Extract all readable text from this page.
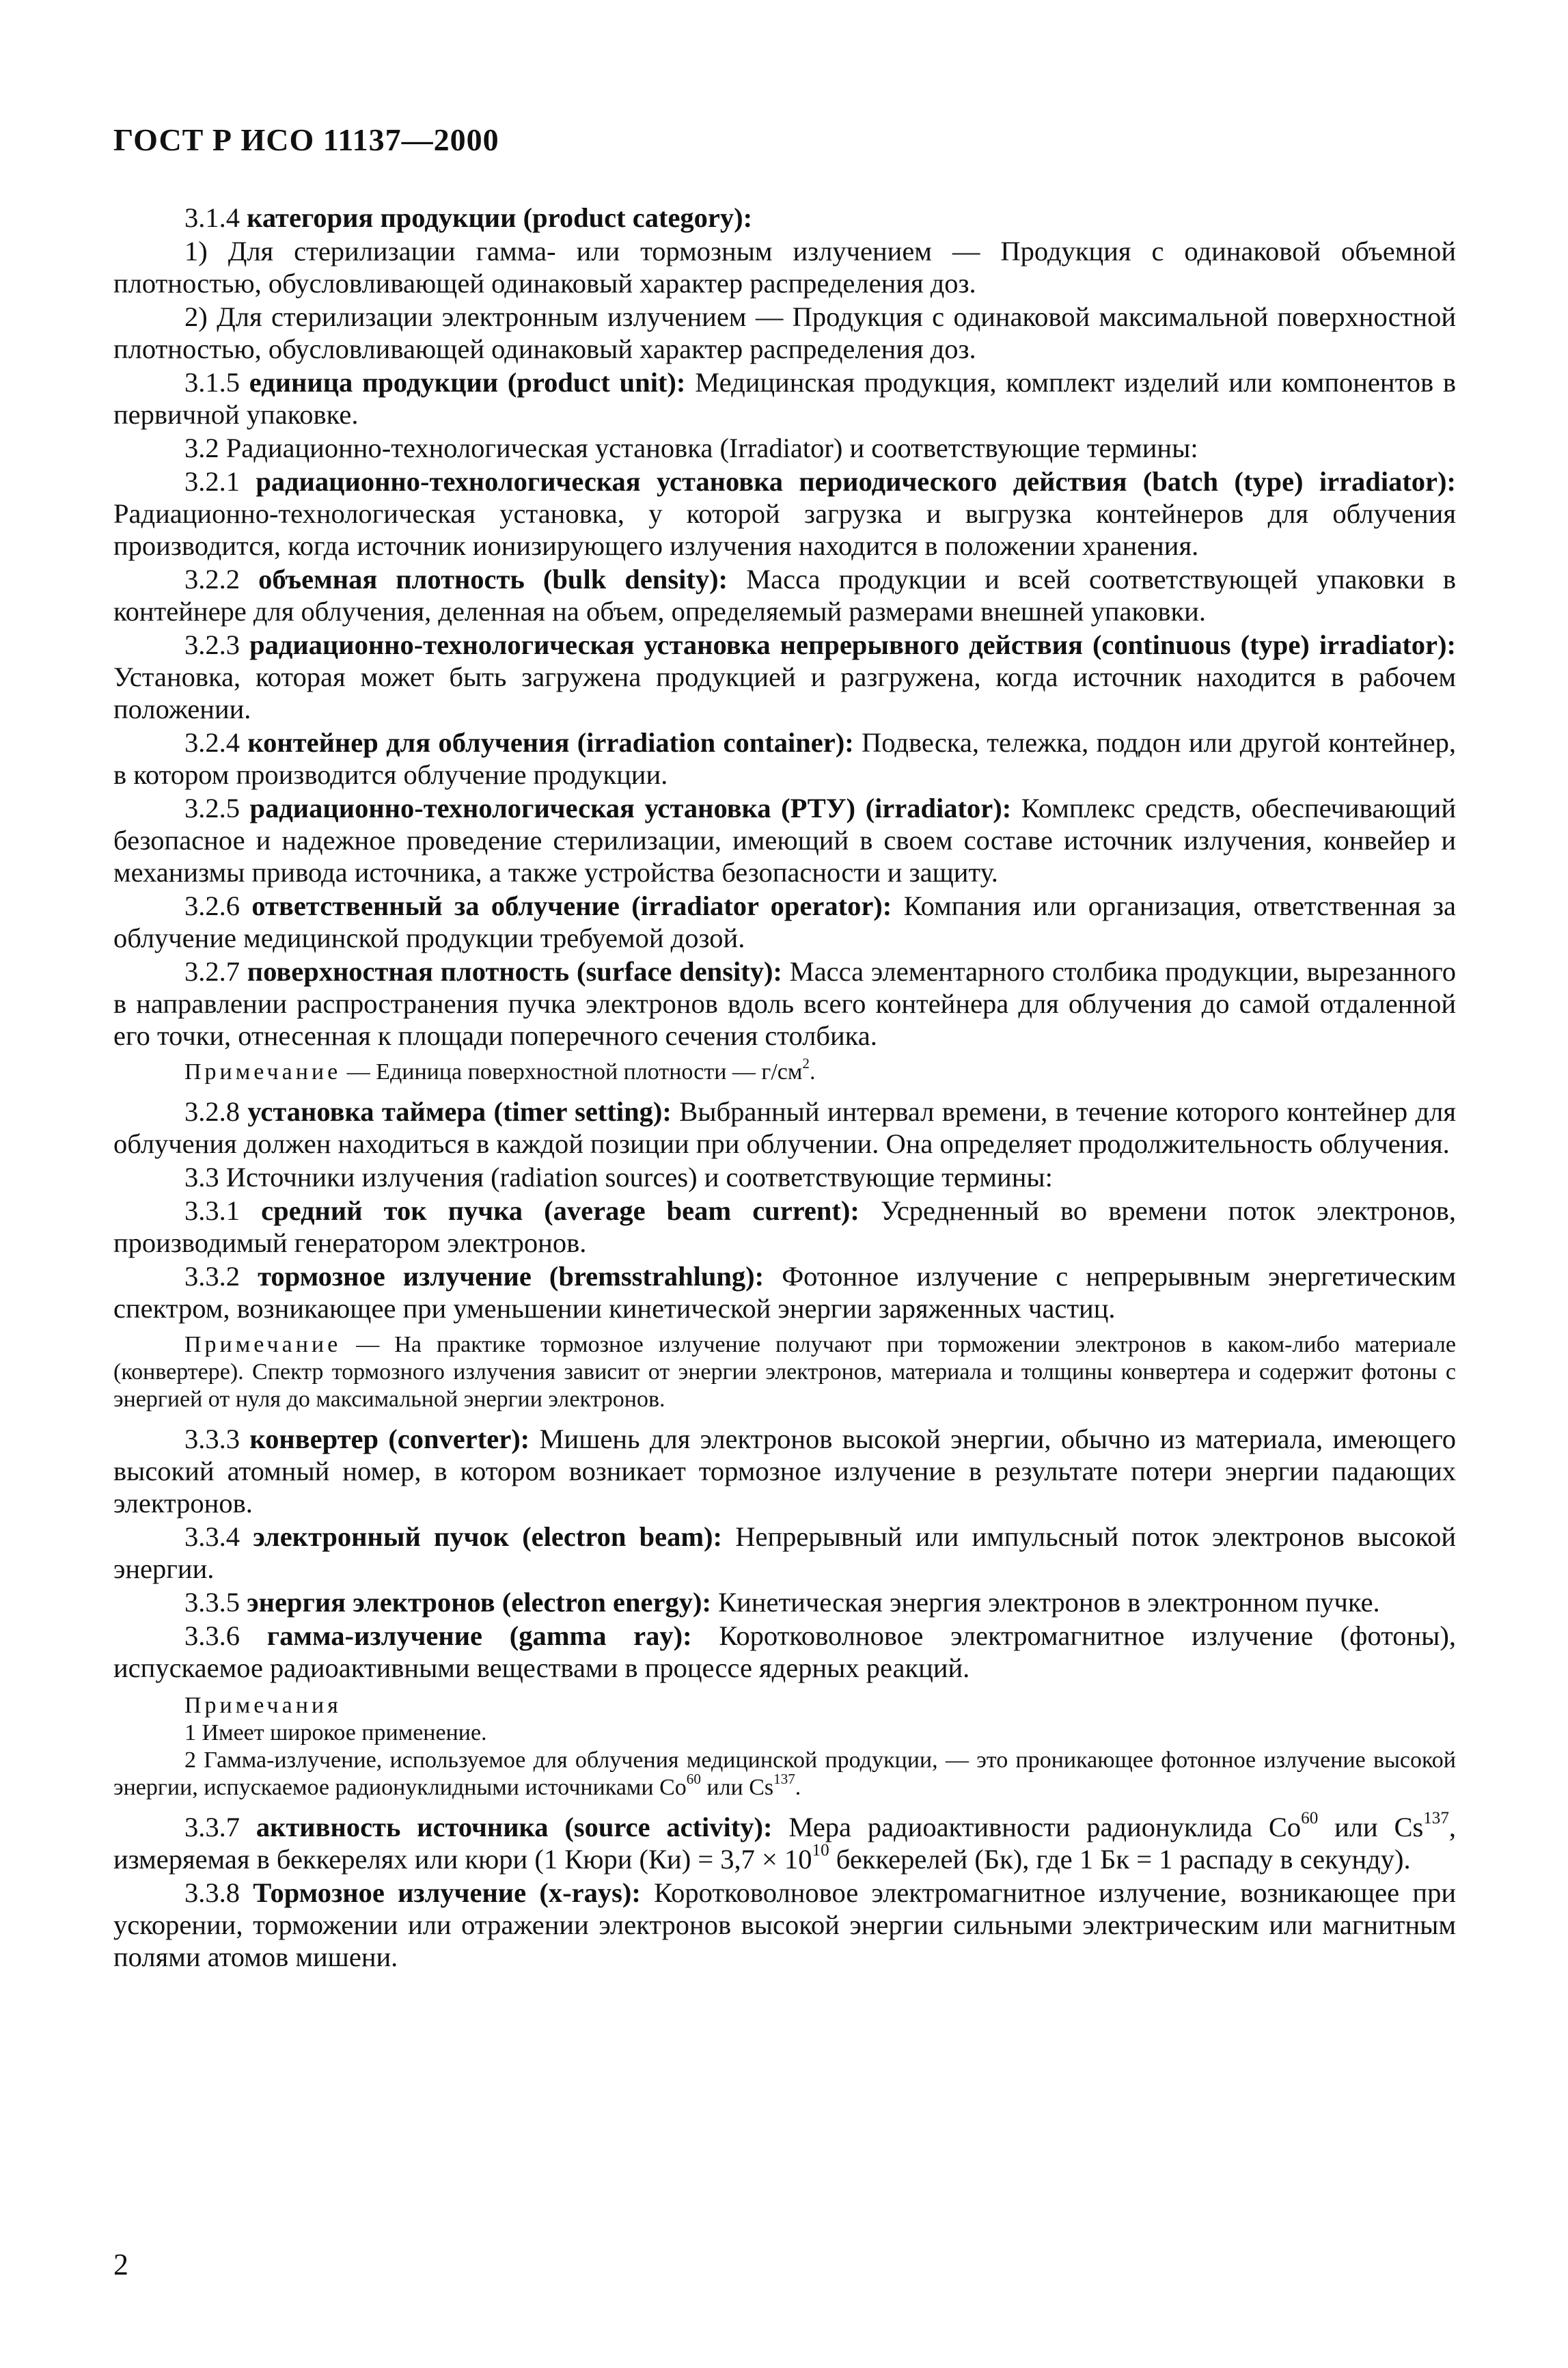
ГОСТ Р ИСО 11137—2000

3.1.4 категория продукции (product category):

1) Для стерилизации гамма- или тормозным излучением — Продукция с одинаковой объемной плотностью, обусловливающей одинаковый характер распределения доз.

2) Для стерилизации электронным излучением — Продукция с одинаковой максимальной поверхностной плотностью, обусловливающей одинаковый характер распределения доз.

3.1.5 единица продукции (product unit): Медицинская продукция, комплект изделий или компонентов в первичной упаковке.

3.2 Радиационно-технологическая установка (Irradiator) и соответствующие термины:

3.2.1 радиационно-технологическая установка периодического действия (batch (type) irradiator): Радиационно-технологическая установка, у которой загрузка и выгрузка контейнеров для облучения производится, когда источник ионизирующего излучения находится в положении хранения.

3.2.2 объемная плотность (bulk density): Масса продукции и всей соответствующей упаковки в контейнере для облучения, деленная на объем, определяемый размерами внешней упаковки.

3.2.3 радиационно-технологическая установка непрерывного действия (continuous (type) irradiator): Установка, которая может быть загружена продукцией и разгружена, когда источник находится в рабочем положении.

3.2.4 контейнер для облучения (irradiation container): Подвеска, тележка, поддон или другой контейнер, в котором производится облучение продукции.

3.2.5 радиационно-технологическая установка (РТУ) (irradiator): Комплекс средств, обеспечивающий безопасное и надежное проведение стерилизации, имеющий в своем составе источник излучения, конвейер и механизмы привода источника, а также устройства безопасности и защиту.

3.2.6 ответственный за облучение (irradiator operator): Компания или организация, ответственная за облучение медицинской продукции требуемой дозой.

3.2.7 поверхностная плотность (surface density): Масса элементарного столбика продукции, вырезанного в направлении распространения пучка электронов вдоль всего контейнера для облучения до самой отдаленной его точки, отнесенная к площади поперечного сечения столбика.

Примечание — Единица поверхностной плотности — $г/см^2$.

3.2.8 установка таймера (timer setting): Выбранный интервал времени, в течение которого контейнер для облучения должен находиться в каждой позиции при облучении. Она определяет продолжительность облучения.

3.3 Источники излучения (radiation sources) и соответствующие термины:

3.3.1 средний ток пучка (average beam current): Усредненный во времени поток электронов, производимый генератором электронов.

3.3.2 тормозное излучение (bremsstrahlung): Фотонное излучение с непрерывным энергетическим спектром, возникающее при уменьшении кинетической энергии заряженных частиц.

Примечание — На практике тормозное излучение получают при торможении электронов в каком-либо материале (конвертере). Спектр тормозного излучения зависит от энергии электронов, материала и толщины конвертера и содержит фотоны с энергией от нуля до максимальной энергии электронов.

3.3.3 конвертер (converter): Мишень для электронов высокой энергии, обычно из материала, имеющего высокий атомный номер, в котором возникает тормозное излучение в результате потери энергии падающих электронов.

3.3.4 электронный пучок (electron beam): Непрерывный или импульсный поток электронов высокой энергии.

3.3.5 энергия электронов (electron energy): Кинетическая энергия электронов в электронном пучке.

3.3.6 гамма-излучение (gamma ray): Коротковолновое электромагнитное излучение (фотоны), испускаемое радиоактивными веществами в процессе ядерных реакций.

Примечания

1 Имеет широкое применение.

2 Гамма-излучение, используемое для облучения медицинской продукции, — это проникающее фотонное излучение высокой энергии, испускаемое радионуклидными источниками Co$^{60}$ или Cs$^{137}$.

3.3.7 активность источника (source activity): Мера радиоактивности радионуклида Co$^{60}$ или Cs$^{137}$, измеряемая в беккерелях или кюри (1 Кюри $(Ки) = 3,7 \times 10^{10}$ беккерелей (Бк), где 1 Бк = 1 распаду в секунду).

3.3.8 Тормозное излучение (x-rays): Коротковолновое электромагнитное излучение, возникающее при ускорении, торможении или отражении электронов высокой энергии сильными электрическим или магнитным полями атомов мишени.

2
